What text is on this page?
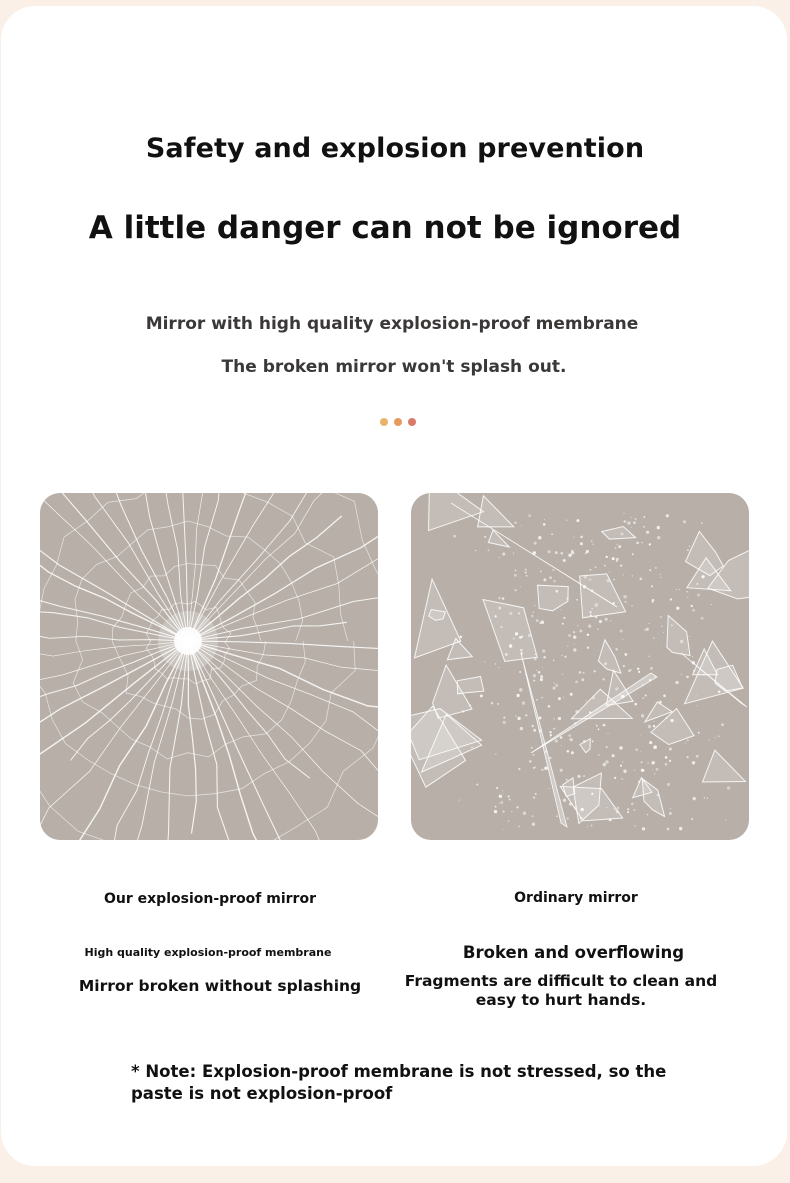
Safety and explosion prevention
A little danger can not be ignored
Mirror with high quality explosion-proof membrane
The broken mirror won't splash out.
Our explosion-proof mirror
High quality explosion-proof membrane
Mirror broken without splashing
Ordinary mirror
Broken and overflowing
Fragments are difficult to clean and easy to hurt hands.
* Note: Explosion-proof membrane is not stressed, so the paste is not explosion-proof
